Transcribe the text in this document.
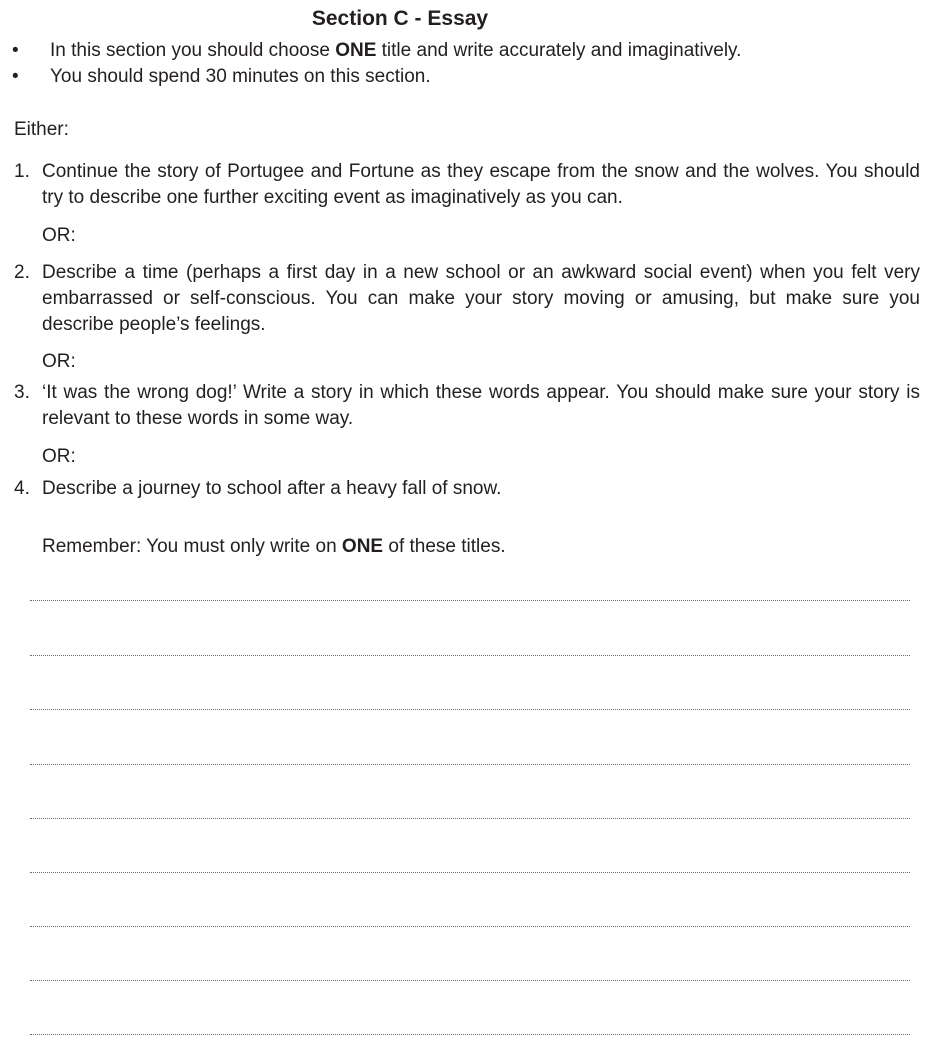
Section C - Essay
• In this section you should choose ONE title and write accurately and imaginatively.
• You should spend 30 minutes on this section.
Either:
1. Continue the story of Portugee and Fortune as they escape from the snow and the wolves. You should try to describe one further exciting event as imaginatively as you can.
OR:
2. Describe a time (perhaps a first day in a new school or an awkward social event) when you felt very embarrassed or self-conscious. You can make your story moving or amusing, but make sure you describe people’s feelings.
OR:
3. ‘It was the wrong dog!’ Write a story in which these words appear. You should make sure your story is relevant to these words in some way.
OR:
4. Describe a journey to school after a heavy fall of snow.
Remember: You must only write on ONE of these titles.
